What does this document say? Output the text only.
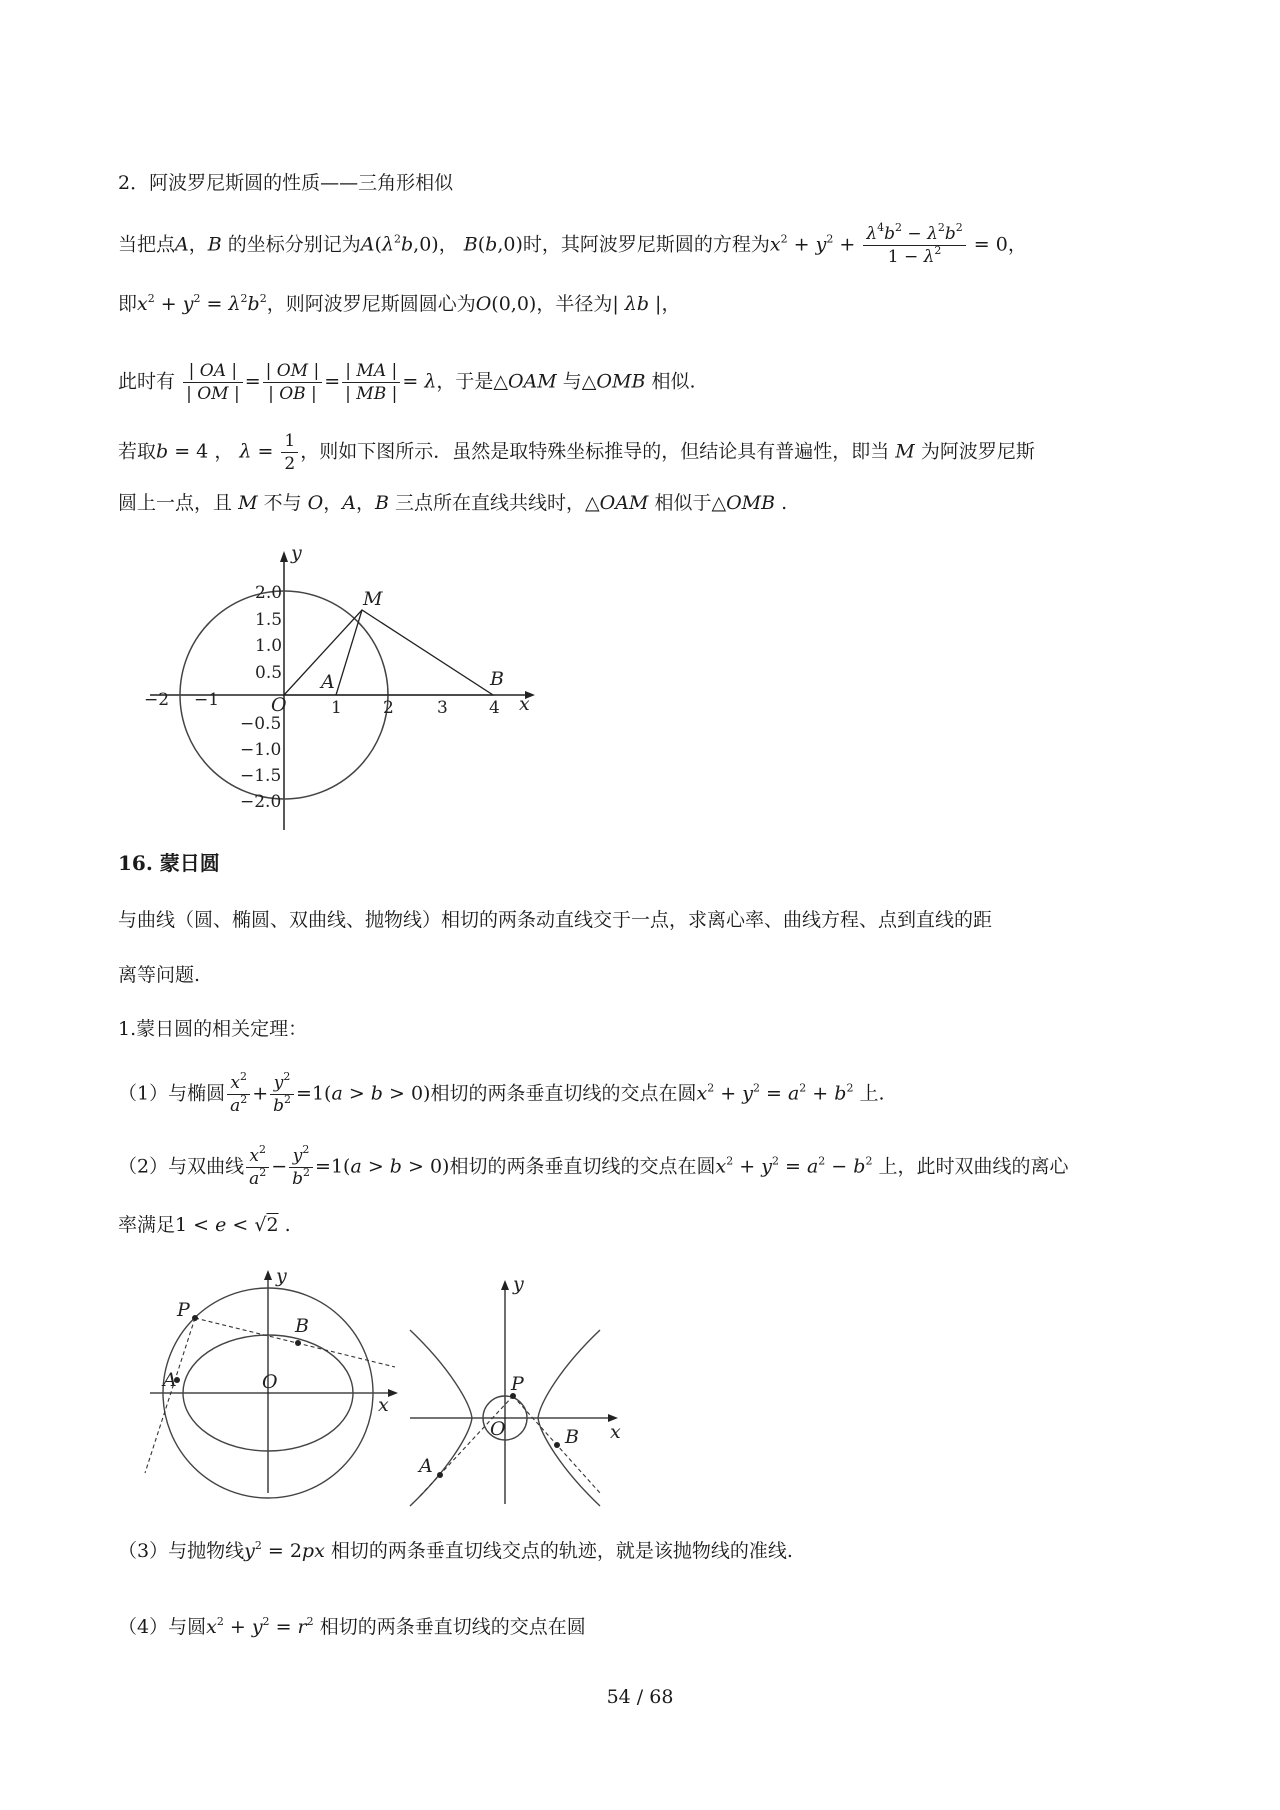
2．阿波罗尼斯圆的性质——三角形相似
当把点A，B 的坐标分别记为$A(\lambda^2b,0)$， B(b,0)时，其阿波罗尼斯圆的方程为$x^2 + y^2 + \frac{\lambda^4b^2 - \lambda^2b^2}{1 - \lambda^2} = 0$，
即$x^2 + y^2 = \lambda^2b^2$，则阿波罗尼斯圆圆心为O(0,0)，半径为| λb |，
此时有 $\frac{| OA |}{| OM |} = \frac{| OM |}{| OB |} = \frac{| MA |}{| MB |} = \lambda$，于是△OAM 与△OMB 相似.
若取b = 4 ， $\lambda = \frac{1}{2}$ ，则如下图所示．虽然是取特殊坐标推导的，但结论具有普遍性，即当 M 为阿波罗尼斯
圆上一点，且 M 不与 O，A，B 三点所在直线共线时，△OAM 相似于△OMB .
−2 −1	O	1 2	3 4
2.0
1.5
1.0
0.5
−0.5
−1.0
−1.5
−2.0
M
A	B
x
y
16. 蒙日圆
与曲线（圆、椭圆、双曲线、抛物线）相切的两条动直线交于一点，求离心率、曲线方程、点到直线的距
离等问题.
1.蒙日圆的相关定理：
（1）与椭圆 $\frac{x^2}{a^2} + \frac{y^2}{b^2} =1(a > b > 0)$相切的两条垂直切线的交点在圆$x^2 + y^2 = a^2 + b^2$ 上.
（2）与双曲线 $\frac{x^2}{a^2} - \frac{y^2}{b^2} =1(a > b > 0)$相切的两条垂直切线的交点在圆$x^2 + y^2 = a^2 - b^2$ 上，此时双曲线的离心
率满足1 < e < √2 .
P
B
A	O
x
y
P
A
B
O	x
y
（3）与抛物线$y^2 = 2px$ 相切的两条垂直切线交点的轨迹，就是该抛物线的准线.
（4）与圆$x^2 + y^2 = r^2$ 相切的两条垂直切线的交点在圆
54 / 68
